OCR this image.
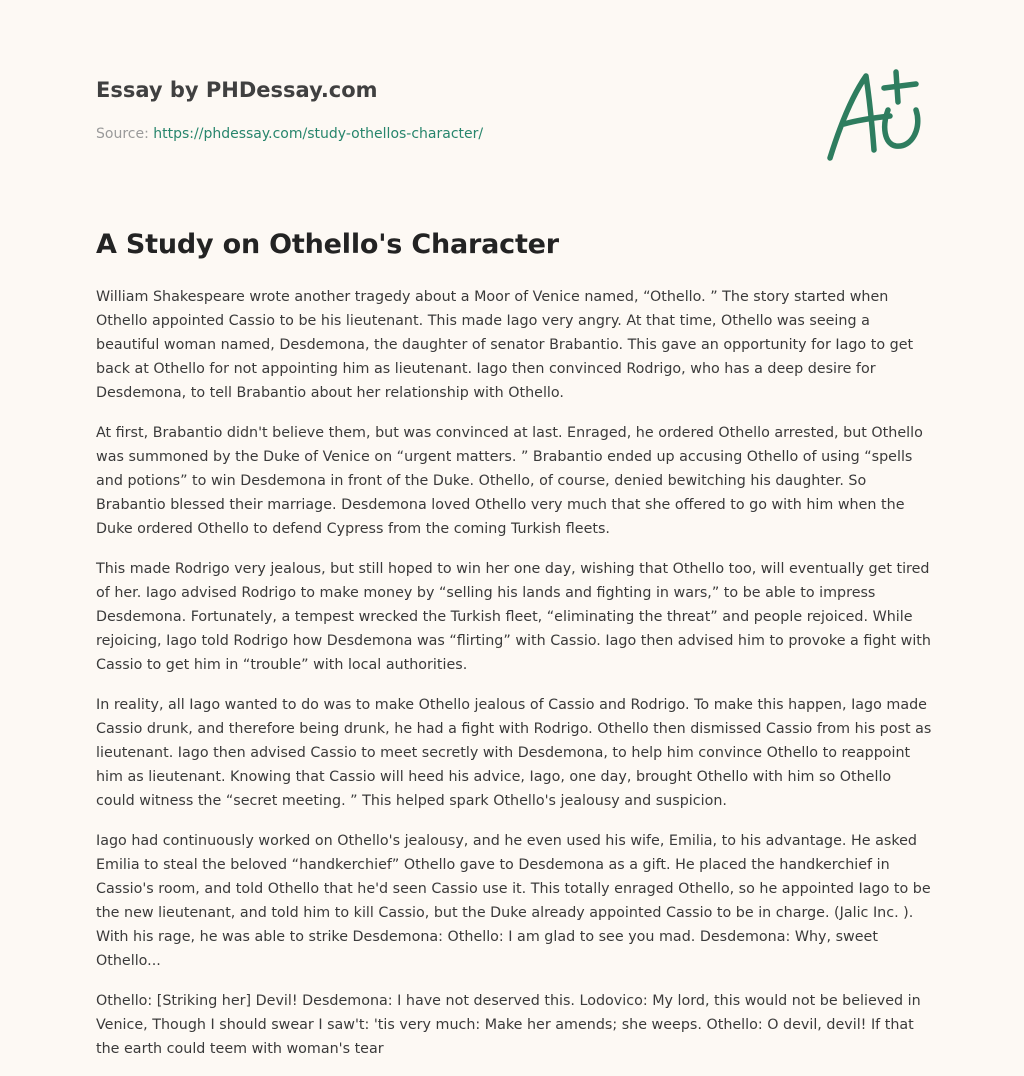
Essay by PHDessay.com
Source: https://phdessay.com/study-othellos-character/
A Study on Othello's Character

William Shakespeare wrote another tragedy about a Moor of Venice named, “Othello. ” The story started when Othello appointed Cassio to be his lieutenant. This made Iago very angry. At that time, Othello was seeing a beautiful woman named, Desdemona, the daughter of senator Brabantio. This gave an opportunity for Iago to get back at Othello for not appointing him as lieutenant. Iago then convinced Rodrigo, who has a deep desire for Desdemona, to tell Brabantio about her relationship with Othello.

At first, Brabantio didn't believe them, but was convinced at last. Enraged, he ordered Othello arrested, but Othello was summoned by the Duke of Venice on “urgent matters. ” Brabantio ended up accusing Othello of using “spells and potions” to win Desdemona in front of the Duke. Othello, of course, denied bewitching his daughter. So Brabantio blessed their marriage. Desdemona loved Othello very much that she offered to go with him when the Duke ordered Othello to defend Cypress from the coming Turkish fleets.

This made Rodrigo very jealous, but still hoped to win her one day, wishing that Othello too, will eventually get tired of her. Iago advised Rodrigo to make money by “selling his lands and fighting in wars,” to be able to impress Desdemona. Fortunately, a tempest wrecked the Turkish fleet, “eliminating the threat” and people rejoiced. While rejoicing, Iago told Rodrigo how Desdemona was “flirting” with Cassio. Iago then advised him to provoke a fight with Cassio to get him in “trouble” with local authorities.

In reality, all Iago wanted to do was to make Othello jealous of Cassio and Rodrigo. To make this happen, Iago made Cassio drunk, and therefore being drunk, he had a fight with Rodrigo. Othello then dismissed Cassio from his post as lieutenant. Iago then advised Cassio to meet secretly with Desdemona, to help him convince Othello to reappoint him as lieutenant. Knowing that Cassio will heed his advice, Iago, one day, brought Othello with him so Othello could witness the “secret meeting. ” This helped spark Othello's jealousy and suspicion.

Iago had continuously worked on Othello's jealousy, and he even used his wife, Emilia, to his advantage. He asked Emilia to steal the beloved “handkerchief” Othello gave to Desdemona as a gift. He placed the handkerchief in Cassio's room, and told Othello that he'd seen Cassio use it. This totally enraged Othello, so he appointed Iago to be the new lieutenant, and told him to kill Cassio, but the Duke already appointed Cassio to be in charge. (Jalic Inc. ). With his rage, he was able to strike Desdemona: Othello: I am glad to see you mad. Desdemona: Why, sweet Othello...

Othello: [Striking her] Devil! Desdemona: I have not deserved this. Lodovico: My lord, this would not be believed in Venice, Though I should swear I saw't: 'tis very much: Make her amends; she weeps. Othello: O devil, devil! If that the earth could teem with woman's tear
